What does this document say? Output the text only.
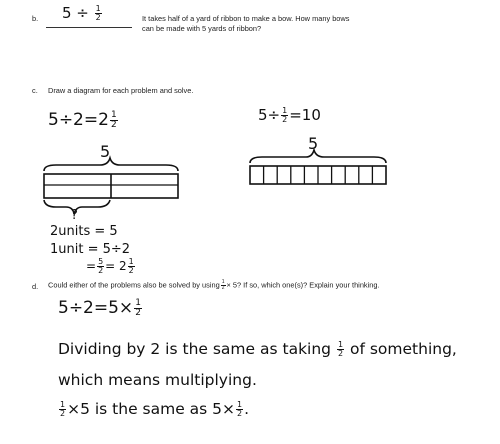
b. $5 \div \frac{1}{2}$	It takes half of a yard of ribbon to make a bow. How many bows
can be made with 5 yards of ribbon?
c. Draw a diagram for each problem and solve.
$5\div 2=2 \frac{1}{2}$	$5\div \frac{1}{2} =10$
5
?
5
2units = 5
1unit = 5÷2
= $\frac{5}{2} = 2 \frac{1}{2}$
d. Could either of the problems also be solved by using $\frac{1}{2} \times 5$? If so, which one(s)? Explain your thinking.
$5\div 2=5\times \frac{1}{2}$
Dividing by 2 is the same as taking $\frac{1}{2}$ of something,
which means multiplying.
$\frac{1}{2} \times 5$ is the same as $5\times \frac{1}{2}$ .
